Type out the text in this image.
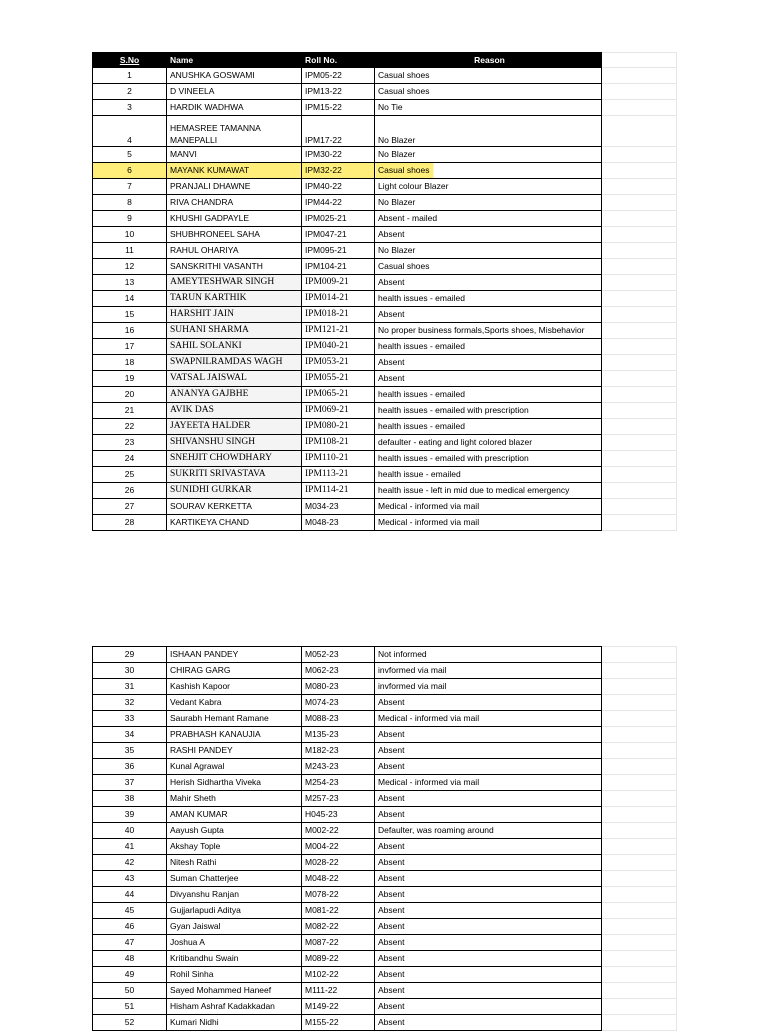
S.No	Name	Roll No.	Reason	
1	ANUSHKA GOSWAMI	IPM05-22	Casual shoes	
2	D VINEELA	IPM13-22	Casual shoes	
3	HARDIK WADHWA	IPM15-22	No Tie	
4	HEMASREE TAMANNA
MANEPALLI	IPM17-22	No Blazer	
5	MANVI	IPM30-22	No Blazer	
6	MAYANK KUMAWAT	IPM32-22	Casual shoes	
7	PRANJALI DHAWNE	IPM40-22	Light colour Blazer	
8	RIVA CHANDRA	IPM44-22	No Blazer	
9	KHUSHI GADPAYLE	IPM025-21	Absent - mailed	
10	SHUBHRONEEL SAHA	IPM047-21	Absent	
11	RAHUL OHARIYA	IPM095-21	No Blazer	
12	SANSKRITHI VASANTH	IPM104-21	Casual shoes	
13	AMEYTESHWAR SINGH	IPM009-21	Absent	
14	TARUN KARTHIK	IPM014-21	health issues - emailed	
15	HARSHIT JAIN	IPM018-21	Absent	
16	SUHANI SHARMA	IPM121-21	No proper business formals,Sports shoes, Misbehavior	
17	SAHIL SOLANKI	IPM040-21	health issues - emailed	
18	SWAPNILRAMDAS WAGH	IPM053-21	Absent	
19	VATSAL JAISWAL	IPM055-21	Absent	
20	ANANYA GAJBHE	IPM065-21	health issues - emailed	
21	AVIK DAS	IPM069-21	health issues - emailed with prescription	
22	JAYEETA HALDER	IPM080-21	health issues - emailed	
23	SHIVANSHU SINGH	IPM108-21	defaulter - eating and light colored blazer	
24	SNEHJIT CHOWDHARY	IPM110-21	health issues - emailed with prescription	
25	SUKRITI SRIVASTAVA	IPM113-21	health issue - emailed	
26	SUNIDHI GURKAR	IPM114-21	health issue - left in mid due to medical emergency	
27	SOURAV KERKETTA	M034-23	Medical - informed via mail	
28	KARTIKEYA CHAND	M048-23	Medical - informed via mail	
29	ISHAAN PANDEY	M052-23	Not informed	
30	CHIRAG GARG	M062-23	invformed via mail	
31	Kashish Kapoor	M080-23	invformed via mail	
32	Vedant Kabra	M074-23	Absent	
33	Saurabh Hemant Ramane	M088-23	Medical - informed via mail	
34	PRABHASH KANAUJIA	M135-23	Absent	
35	RASHI PANDEY	M182-23	Absent	
36	Kunal Agrawal	M243-23	Absent	
37	Herish Sidhartha Viveka	M254-23	Medical - informed via mail	
38	Mahir Sheth	M257-23	Absent	
39	AMAN KUMAR	H045-23	Absent	
40	Aayush Gupta	M002-22	Defaulter, was roaming around	
41	Akshay Tople	M004-22	Absent	
42	Nitesh Rathi	M028-22	Absent	
43	Suman Chatterjee	M048-22	Absent	
44	Divyanshu Ranjan	M078-22	Absent	
45	Gujjarlapudi Aditya	M081-22	Absent	
46	Gyan Jaiswal	M082-22	Absent	
47	Joshua A	M087-22	Absent	
48	Kritibandhu Swain	M089-22	Absent	
49	Rohil Sinha	M102-22	Absent	
50	Sayed Mohammed Haneef	M111-22	Absent	
51	Hisham Ashraf Kadakkadan	M149-22	Absent	
52	Kumari Nidhi	M155-22	Absent	
